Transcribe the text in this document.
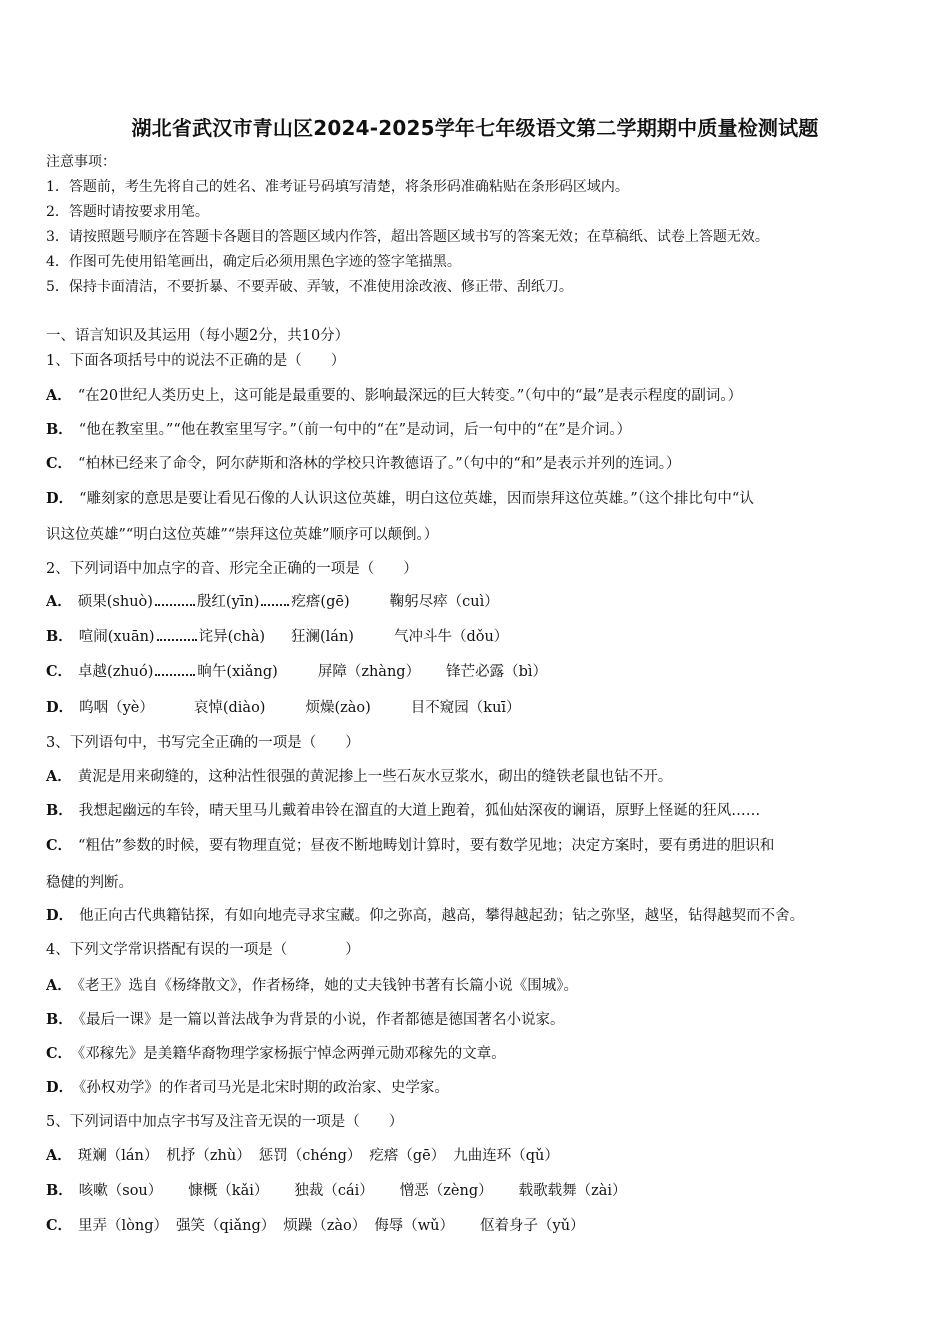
湖北省武汉市青山区2024-2025学年七年级语文第二学期期中质量检测试题
注意事项：
1．答题前，考生先将自己的姓名、准考证号码填写清楚，将条形码准确粘贴在条形码区域内。
2．答题时请按要求用笔。
3．请按照题号顺序在答题卡各题目的答题区域内作答，超出答题区域书写的答案无效；在草稿纸、试卷上答题无效。
4．作图可先使用铅笔画出，确定后必须用黑色字迹的签字笔描黑。
5．保持卡面清洁，不要折暴、不要弄破、弄皱，不准使用涂改液、修正带、刮纸刀。
一、语言知识及其运用（每小题2分，共10分）
1、下面各项括号中的说法不正确的是（　　）
A． “在20世纪人类历史上，这可能是最重要的、影响最深远的巨大转变。”（句中的“最”是表示程度的副词。）
B． “他在教室里。”“他在教室里写字。”（前一句中的“在”是动词，后一句中的“在”是介词。）
C． “柏林已经来了命令，阿尔萨斯和洛林的学校只许教德语了。”（句中的“和”是表示并列的连词。）
D． “雕刻家的意思是要让看见石像的人认识这位英雄，明白这位英雄，因而崇拜这位英雄。”（这个排比句中“认
识这位英雄”“明白这位英雄”“崇拜这位英雄”顺序可以颠倒。）
2、下列词语中加点字的音、形完全正确的一项是（　　）
A． 硕果(shuò)	殷红(yīn) 疙瘩(gē)	鞠躬尽瘁（cuì）
B． 喧闹(xuān)	诧异(chà) 狂澜(lán)	气冲斗牛（dǒu）
C． 卓越(zhuó)	晌午(xiǎng)	屏障（zhàng） 锋芒必露（bì）
D． 呜咽（yè）	哀悼(diào)	烦燥(zào)	目不窥园（kuī）
3、下列语句中，书写完全正确的一项是（　　）
A． 黄泥是用来砌缝的，这种沾性很强的黄泥掺上一些石灰水豆浆水，砌出的缝铁老鼠也钻不开。
B． 我想起幽远的车铃，晴天里马儿戴着串铃在溜直的大道上跑着，狐仙姑深夜的谰语，原野上怪诞的狂风……
C． “粗估”参数的时候，要有物理直觉；昼夜不断地畴划计算时，要有数学见地；决定方案时，要有勇进的胆识和
稳健的判断。
D． 他正向古代典籍钻探，有如向地壳寻求宝藏。仰之弥高，越高，攀得越起劲；钻之弥坚，越坚，钻得越契而不舍。
4、下列文学常识搭配有误的一项是（　　　　）
A． 《老王》选自《杨绛散文》，作者杨绛，她的丈夫钱钟书著有长篇小说《围城》。
B． 《最后一课》是一篇以普法战争为背景的小说，作者都德是德国著名小说家。
C． 《邓稼先》是美籍华裔物理学家杨振宁悼念两弹元勋邓稼先的文章。
D． 《孙权劝学》的作者司马光是北宋时期的政治家、史学家。
5、下列词语中加点字书写及注音无误的一项是（　　）
A． 斑斓（lán） 机抒（zhù） 惩罚（chéng） 疙瘩（gē） 九曲连环（qǔ）
B． 咳嗽（sou） 慷概（kǎi） 独裁（cái） 憎恶（zèng） 载歌载舞（zài）
C． 里弄（lòng） 强笑（qiǎng） 烦躁（zào） 侮辱（wǔ） 伛着身子（yǔ）
